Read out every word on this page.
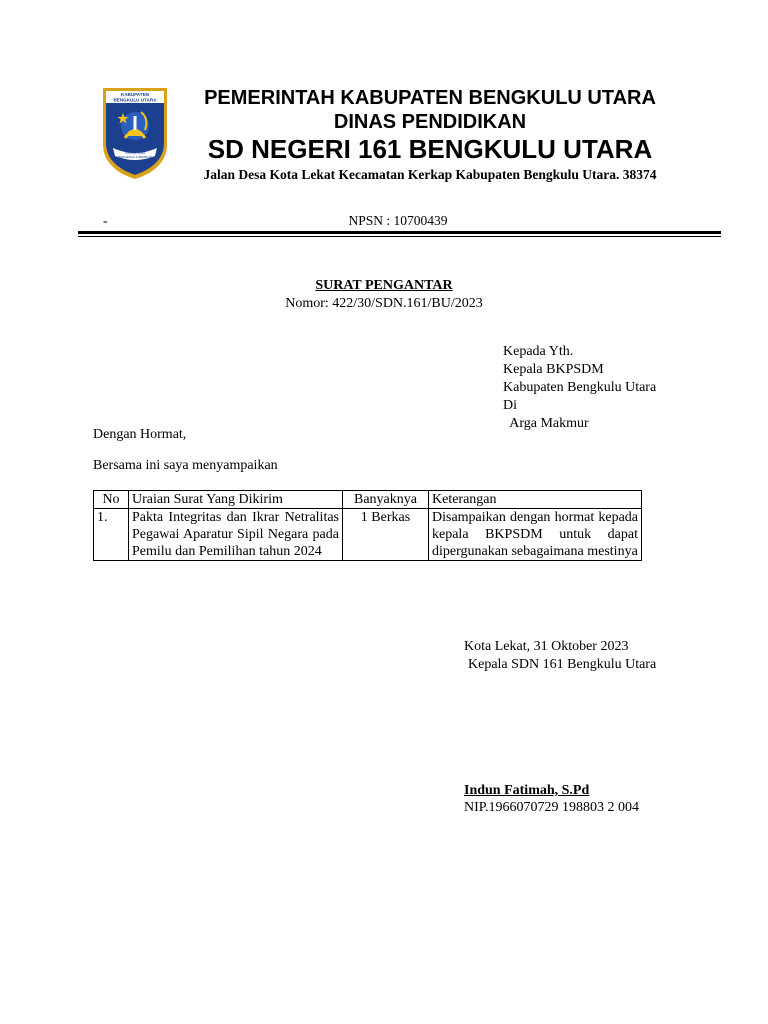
KABUPATEN
BENGKULU UTARA
PERSATUAN
BERGERAK & BERBUDI
PEMERINTAH KABUPATEN BENGKULU UTARA
DINAS PENDIDIKAN
SD NEGERI 161 BENGKULU UTARA
Jalan Desa Kota Lekat Kecamatan Kerkap Kabupaten Bengkulu Utara. 38374
-	NPSN : 10700439
SURAT PENGANTAR
Nomor: 422/30/SDN.161/BU/2023
Kepada Yth.
Kepala BKPSDM
Kabupaten Bengkulu Utara
Di
Arga Makmur
Dengan Hormat,
Bersama ini saya menyampaikan
No	Uraian Surat Yang Dikirim	Banyaknya	Keterangan
1.	Pakta Integritas dan Ikrar Netralitas Pegawai Aparatur Sipil Negara pada Pemilu dan Pemilihan tahun 2024	1 Berkas	Disampaikan dengan hormat kepada kepala BKPSDM untuk dapat dipergunakan sebagaimana mestinya
Kota Lekat, 31 Oktober 2023
Kepala SDN 161 Bengkulu Utara
Indun Fatimah, S.Pd
NIP.1966070729 198803 2 004
